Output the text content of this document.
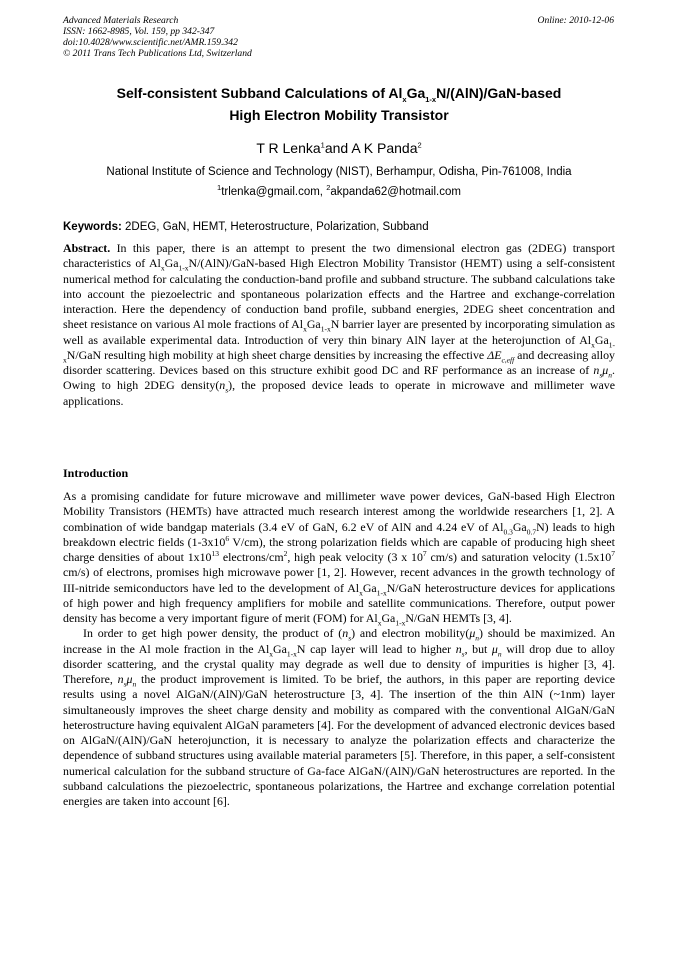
Advanced Materials Research
ISSN: 1662-8985, Vol. 159, pp 342-347
doi:10.4028/www.scientific.net/AMR.159.342
© 2011 Trans Tech Publications Ltd, Switzerland
Online: 2010-12-06
Self-consistent Subband Calculations of $Al_xGa_{1-x}N/(AlN)/GaN$-based
High Electron Mobility Transistor
T R Lenka$^1$and A K Panda$^2$
National Institute of Science and Technology (NIST), Berhampur, Odisha, Pin-761008, India
$^1$trlenka@gmail.com, $^2$akpanda62@hotmail.com
Keywords: 2DEG, GaN, HEMT, Heterostructure, Polarization, Subband
Abstract. In this paper, there is an attempt to present the two dimensional electron gas (2DEG) transport characteristics of $Al_xGa_{1-x}N/(AlN)/GaN$-based High Electron Mobility Transistor (HEMT) using a self-consistent numerical method for calculating the conduction-band profile and subband structure. The subband calculations take into account the piezoelectric and spontaneous polarization effects and the Hartree and exchange-correlation interaction. Here the dependency of conduction band profile, subband energies, 2DEG sheet concentration and sheet resistance on various Al mole fractions of $Al_xGa_{1-x}N$ barrier layer are presented by incorporating simulation as well as available experimental data. Introduction of very thin binary AlN layer at the heterojunction of $Al_xGa_{1-x}N$/GaN resulting high mobility at high sheet charge densities by increasing the effective $\Delta E_{c,eff}$ and decreasing alloy disorder scattering. Devices based on this structure exhibit good DC and RF performance as an increase of $n_s\mu_n$. Owing to high 2DEG $density(n_s)$, the proposed device leads to operate in microwave and millimeter wave applications.
Introduction

As a promising candidate for future microwave and millimeter wave power devices, GaN-based High Electron Mobility Transistors (HEMTs) have attracted much research interest among the worldwide researchers [1, 2]. A combination of wide bandgap materials (3.4 eV of GaN, 6.2 eV of AlN and 4.24 eV of $Al_{0.3}Ga_{0.7}N$) leads to high breakdown electric fields ($1-3x10^6$ V/cm), the strong polarization fields which are capable of producing high sheet charge densities of about $1x10^{13}$ electrons/$cm^2$, high peak velocity (3 x $10^7$ cm/s) and saturation velocity ($1.5x10^7$ cm/s) of electrons, promises high microwave power [1, 2]. However, recent advances in the growth technology of III-nitride semiconductors have led to the development of $Al_xGa_{1-x}N$/GaN heterostructure devices for applications of high power and high frequency amplifiers for mobile and satellite communications. Therefore, output power density has become a very important figure of merit (FOM) for $Al_xGa_{1-x}N$/GaN HEMTs [3, 4].

In order to get high power density, the product of $(n_s)$ and electron $mobility(\mu_n)$ should be maximized. An increase in the Al mole fraction in the $Al_xGa_{1-x}N$ cap layer will lead to higher $n_s$, but $\mu_n$ will drop due to alloy disorder scattering, and the crystal quality may degrade as well due to density of impurities is higher [3, 4]. Therefore, $n_s\mu_n$ the product improvement is limited. To be brief, the authors, in this paper are reporting device results using a novel AlGaN/(AlN)/GaN heterostructure [3, 4]. The insertion of the thin AlN (~1nm) layer simultaneously improves the sheet charge density and mobility as compared with the conventional AlGaN/GaN heterostructure having equivalent AlGaN parameters [4]. For the development of advanced electronic devices based on AlGaN/(AlN)/GaN heterojunction, it is necessary to analyze the polarization effects and characterize the dependence of subband structures using available material parameters [5]. Therefore, in this paper, a self-consistent numerical calculation for the subband structure of Ga-face AlGaN/(AlN)/GaN heterostructures are reported. In the subband calculations the piezoelectric, spontaneous polarizations, the Hartree and exchange correlation potential energies are taken into account [6].
